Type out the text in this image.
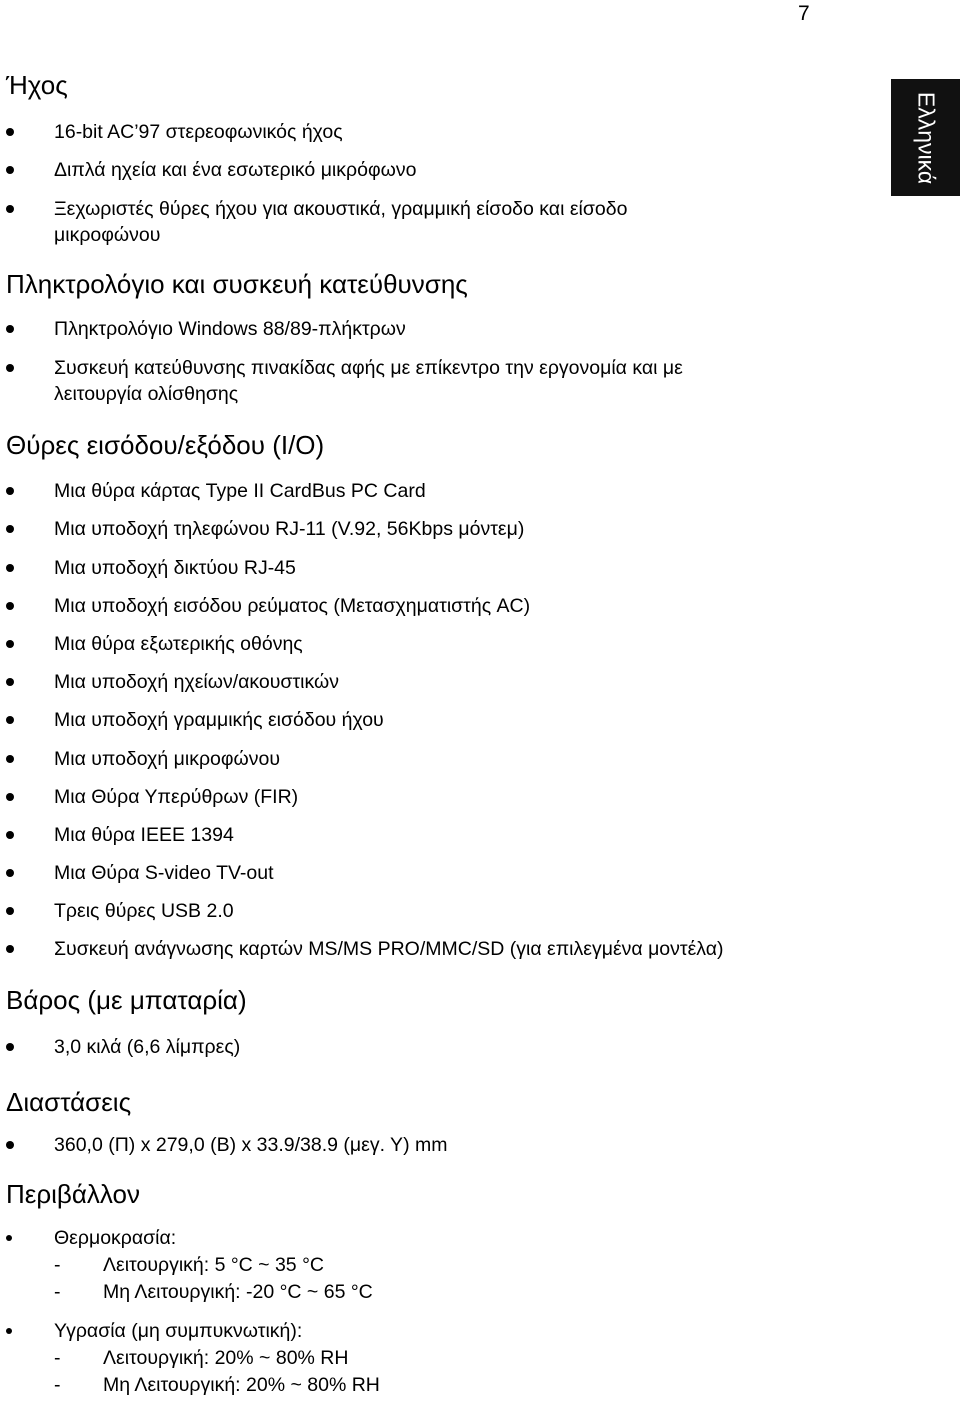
7
Ελληνικά
Ήχος
16-bit AC’97 στερεοφωνικός ήχος
Διπλά ηχεία και ένα εσωτερικό μικρόφωνο
Ξεχωριστές θύρες ήχου για ακουστικά, γραμμική είσοδο και είσοδο
μικροφώνου
Πληκτρολόγιο και συσκευή κατεύθυνσης
Πληκτρολόγιο Windows 88/89-πλήκτρων
Συσκευή κατεύθυνσης πινακίδας αφής με επίκεντρο την εργονομία και με
λειτουργία ολίσθησης
Θύρες εισόδου/εξόδου (I/O)
Μια θύρα κάρτας Type II CardBus PC Card
Μια υποδοχή τηλεφώνου RJ-11 (V.92, 56Kbps μόντεμ)
Μια υποδοχή δικτύου RJ-45
Μια υποδοχή εισόδου ρεύματος (Μετασχηματιστής AC)
Μια θύρα εξωτερικής οθόνης
Μια υποδοχή ηχείων/ακουστικών
Μια υποδοχή γραμμικής εισόδου ήχου
Μια υποδοχή μικροφώνου
Μια Θύρα Υπερύθρων (FIR)
Μια θύρα IEEE 1394
Μια Θύρα S-video TV-out
Τρεις θύρες USB 2.0
Συσκευή ανάγνωσης καρτών MS/MS PRO/MMC/SD (για επιλεγμένα μοντέλα)
Βάρος (με μπαταρία)
3,0 κιλά (6,6 λίμπρες)
Διαστάσεις
360,0 (Π) x 279,0 (Β) x 33.9/38.9 (μεγ. Υ) mm
Περιβάλλον
Θερμοκρασία:
- Λειτουργική: 5 °C ~ 35 °C
- Μη Λειτουργική: -20 °C ~ 65 °C
Υγρασία (μη συμπυκνωτική):
- Λειτουργική: 20% ~ 80% RH
- Μη Λειτουργική: 20% ~ 80% RH
